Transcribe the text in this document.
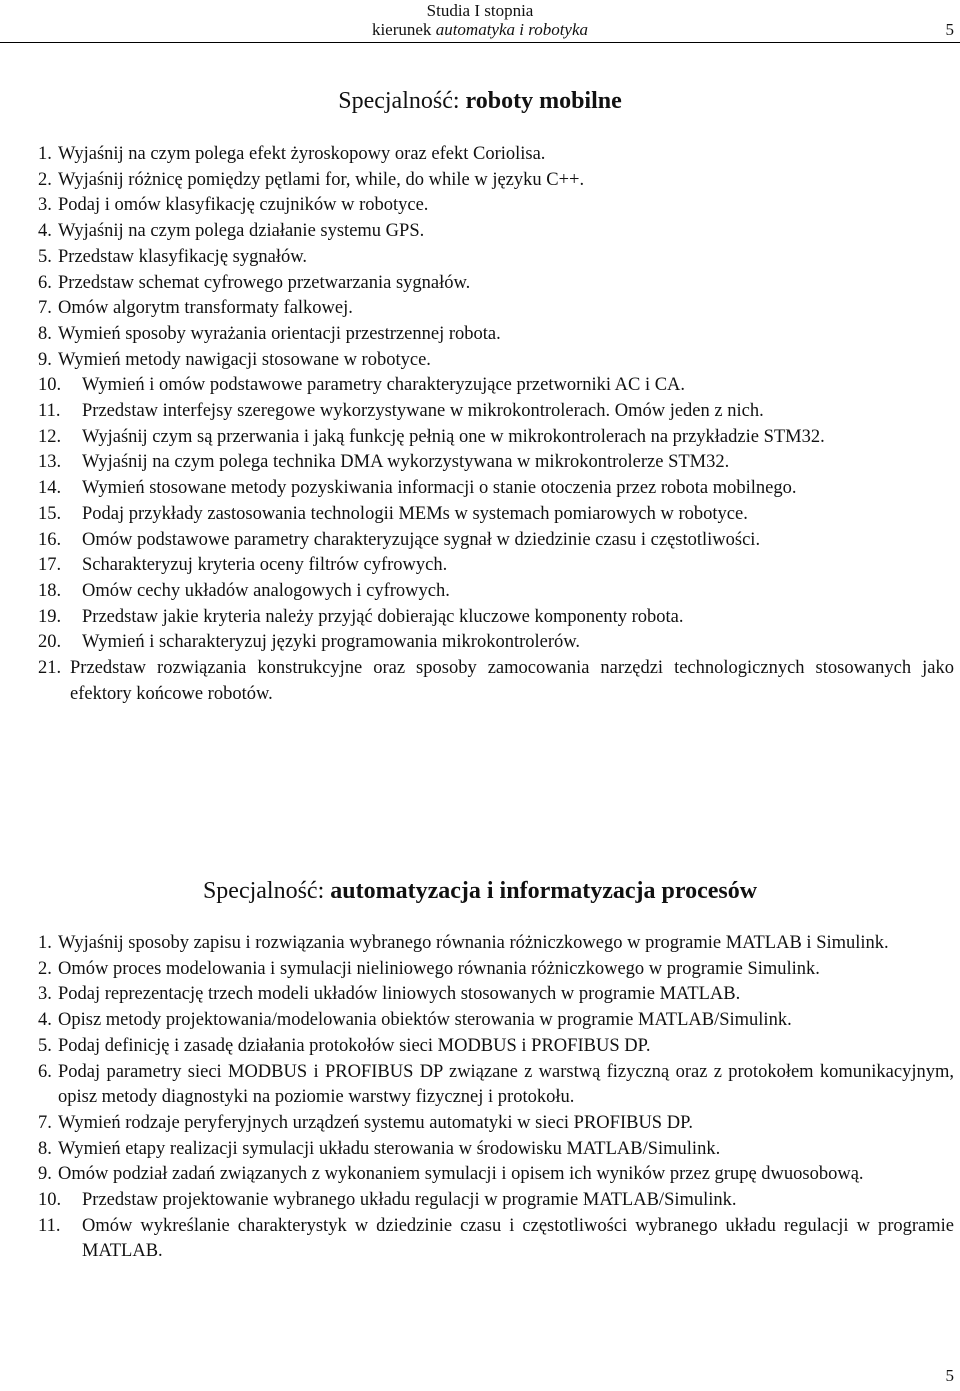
Studia I stopnia
kierunek automatyka i robotyka	5
Specjalność: roboty mobilne
1. Wyjaśnij na czym polega efekt żyroskopowy oraz efekt Coriolisa.
2. Wyjaśnij różnicę pomiędzy pętlami for, while, do while w języku C++.
3. Podaj i omów klasyfikację czujników w robotyce.
4. Wyjaśnij na czym polega działanie systemu GPS.
5. Przedstaw klasyfikację sygnałów.
6. Przedstaw schemat cyfrowego przetwarzania sygnałów.
7. Omów algorytm transformaty falkowej.
8. Wymień sposoby wyrażania orientacji przestrzennej robota.
9. Wymień metody nawigacji stosowane w robotyce.
10. Wymień i omów podstawowe parametry charakteryzujące przetworniki AC i CA.
11. Przedstaw interfejsy szeregowe wykorzystywane w mikrokontrolerach. Omów jeden z nich.
12. Wyjaśnij czym są przerwania i jaką funkcję pełnią one w mikrokontrolerach na przykładzie STM32.
13. Wyjaśnij na czym polega technika DMA wykorzystywana w mikrokontrolerze STM32.
14. Wymień stosowane metody pozyskiwania informacji o stanie otoczenia przez robota mobilnego.
15. Podaj przykłady zastosowania technologii MEMs w systemach pomiarowych w robotyce.
16. Omów podstawowe parametry charakteryzujące sygnał w dziedzinie czasu i częstotliwości.
17. Scharakteryzuj kryteria oceny filtrów cyfrowych.
18. Omów cechy układów analogowych i cyfrowych.
19. Przedstaw jakie kryteria należy przyjąć dobierając kluczowe komponenty robota.
20. Wymień i scharakteryzuj języki programowania mikrokontrolerów.
21. Przedstaw rozwiązania konstrukcyjne oraz sposoby zamocowania narzędzi technologicznych stosowanych jako efektory końcowe robotów.
Specjalność: automatyzacja i informatyzacja procesów
1. Wyjaśnij sposoby zapisu i rozwiązania wybranego równania różniczkowego w programie MATLAB i Simulink.
2. Omów proces modelowania i symulacji nieliniowego równania różniczkowego w programie Simulink.
3. Podaj reprezentację trzech modeli układów liniowych stosowanych w programie MATLAB.
4. Opisz metody projektowania/modelowania obiektów sterowania w programie MATLAB/Simulink.
5. Podaj definicję i zasadę działania protokołów sieci MODBUS i PROFIBUS DP.
6. Podaj parametry sieci MODBUS i PROFIBUS DP związane z warstwą fizyczną oraz z protokołem komunikacyjnym, opisz metody diagnostyki na poziomie warstwy fizycznej i protokołu.
7. Wymień rodzaje peryferyjnych urządzeń systemu automatyki w sieci PROFIBUS DP.
8. Wymień etapy realizacji symulacji układu sterowania w środowisku MATLAB/Simulink.
9. Omów podział zadań związanych z wykonaniem symulacji i opisem ich wyników przez grupę dwuosobową.
10. Przedstaw projektowanie wybranego układu regulacji w programie MATLAB/Simulink.
11. Omów wykreślanie charakterystyk w dziedzinie czasu i częstotliwości wybranego układu regulacji w programie MATLAB.
5
